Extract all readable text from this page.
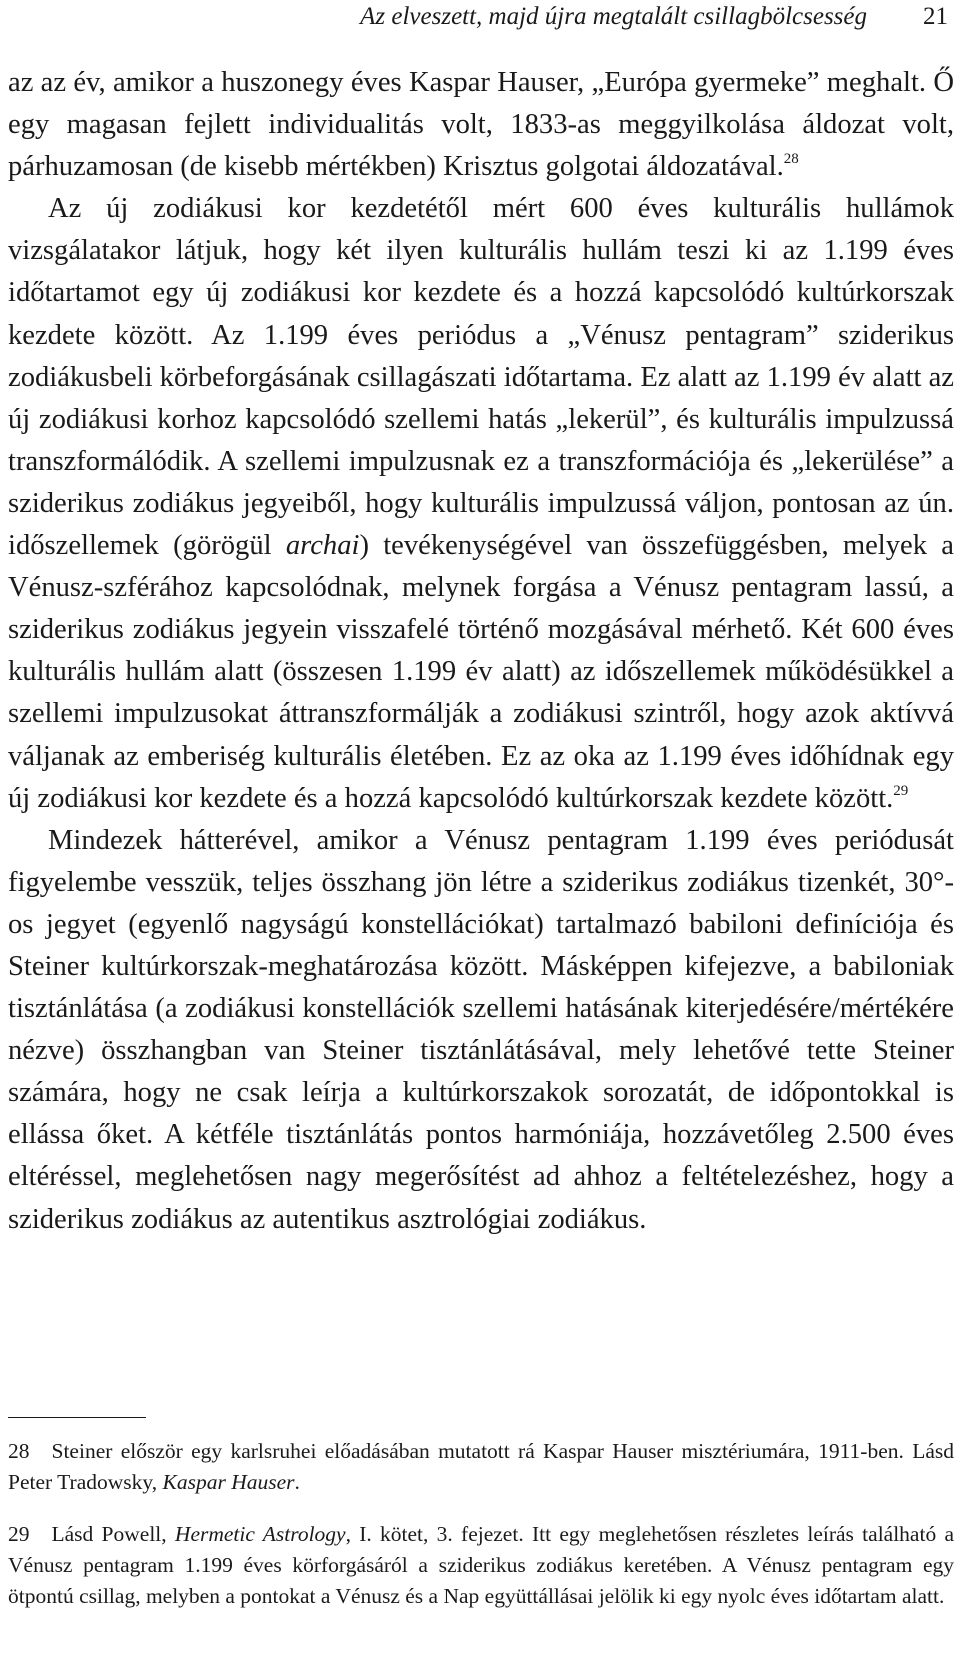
Az elveszett, majd újra megtalált csillagbölcsesség 21

az az év, amikor a huszonegy éves Kaspar Hauser, „Európa gyermeke” meghalt. Ő egy magasan fejlett individualitás volt, 1833-as meggyilkolása áldozat volt, párhuzamosan (de kisebb mértékben) Krisztus golgotai áldozatával.$^{28}$

Az új zodiákusi kor kezdetétől mért 600 éves kulturális hullámok vizsgálatakor látjuk, hogy két ilyen kulturális hullám teszi ki az 1.199 éves időtartamot egy új zodiákusi kor kezdete és a hozzá kapcsolódó kultúrkorszak kezdete között. Az 1.199 éves periódus a „Vénusz pentagram” sziderikus zodiákusbeli körbeforgásának csillagászati időtartama. Ez alatt az 1.199 év alatt az új zodiákusi korhoz kapcsolódó szellemi hatás „lekerül”, és kulturális impulzussá transzformálódik. A szellemi impulzusnak ez a transzformációja és „lekerülése” a sziderikus zodiákus jegyeiből, hogy kulturális impulzussá váljon, pontosan az ún. időszellemek (görögül archai) tevékenységével van összefüggésben, melyek a Vénusz-szférához kapcsolódnak, melynek forgása a Vénusz pentagram lassú, a sziderikus zodiákus jegyein visszafelé történő mozgásával mérhető. Két 600 éves kulturális hullám alatt (összesen 1.199 év alatt) az időszellemek működésükkel a szellemi impulzusokat áttranszformálják a zodiákusi szintről, hogy azok aktívvá váljanak az emberiség kulturális életében. Ez az oka az 1.199 éves időhídnak egy új zodiákusi kor kezdete és a hozzá kapcsolódó kultúrkorszak kezdete között.$^{29}$

Mindezek hátterével, amikor a Vénusz pentagram 1.199 éves periódusát figyelembe vesszük, teljes összhang jön létre a sziderikus zodiákus tizenkét, 30°-os jegyet (egyenlő nagyságú konstellációkat) tartalmazó babiloni definíciója és Steiner kultúrkorszak-meghatározása között. Másképpen kifejezve, a babiloniak tisztánlátása (a zodiákusi konstellációk szellemi hatásának kiterjedésére/mértékére nézve) összhangban van Steiner tisztánlátásával, mely lehetővé tette Steiner számára, hogy ne csak leírja a kultúrkorszakok sorozatát, de időpontokkal is ellássa őket. A kétféle tisztánlátás pontos harmóniája, hozzávetőleg 2.500 éves eltéréssel, meglehetősen nagy megerősítést ad ahhoz a feltételezéshez, hogy a sziderikus zodiákus az autentikus asztrológiai zodiákus.

28 Steiner először egy karlsruhei előadásában mutatott rá Kaspar Hauser misztériumára, 1911-ben. Lásd Peter Tradowsky, Kaspar Hauser.

29 Lásd Powell, Hermetic Astrology, I. kötet, 3. fejezet. Itt egy meglehetősen részletes leírás található a Vénusz pentagram 1.199 éves körforgásáról a sziderikus zodiákus keretében. A Vénusz pentagram egy ötpontú csillag, melyben a pontokat a Vénusz és a Nap együttállásai jelölik ki egy nyolc éves időtartam alatt.
